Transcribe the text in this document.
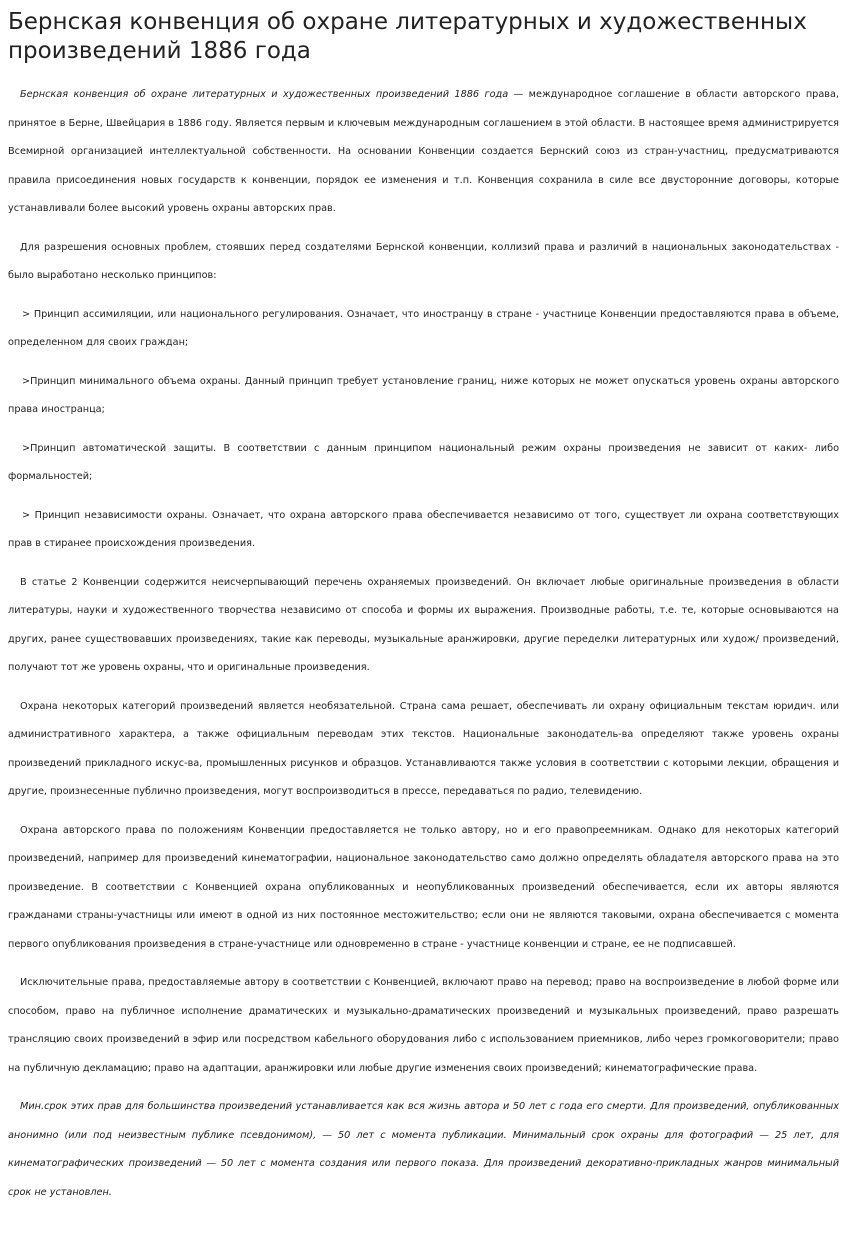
Бернская конвенция об охране литературных и художественных произведений 1886 года

Бернская конвенция об охране литературных и художественных произведений 1886 года — международное соглашение в области авторского права, принятое в Берне, Швейцария в 1886 году. Является первым и ключевым международным соглашением в этой области. В настоящее время администрируется Всемирной организацией интеллектуальной собственности. На основании Конвенции создается Бернский союз из стран-участниц, предусматриваются правила присоединения новых государств к конвенции, порядок ее изменения и т.п. Конвенция сохранила в силе все двусторонние договоры, которые устанавливали более высокий уровень охраны авторских прав.

Для разрешения основных проблем, стоявших перед создателями Бернской конвенции, коллизий права и различий в национальных законодательствах - было выработано несколько принципов:

> Принцип ассимиляции, или национального регулирования. Означает, что иностранцу в стране - участнице Конвенции предоставляются права в объеме, определенном для своих граждан;

>Принцип минимального объема охраны. Данный принцип требует установление границ, ниже которых не может опускаться уровень охраны авторского права иностранца;

>Принцип автоматической защиты. В соответствии с данным принципом национальный режим охраны произведения не зависит от каких- либо формальностей;

> Принцип независимости охраны. Означает, что охрана авторского права обеспечивается независимо от того, существует ли охрана соответствующих прав в стиранее происхождения произведения.

В статье 2 Конвенции содержится неисчерпывающий перечень охраняемых произведений. Он включает любые оригинальные произведения в области литературы, науки и художественного творчества независимо от способа и формы их выражения. Производные работы, т.е. те, которые основываются на других, ранее существовавших произведениях, такие как переводы, музыкальные аранжировки, другие переделки литературных или худож/ произведений, получают тот же уровень охраны, что и оригинальные произведения.

Охрана некоторых категорий произведений является необязательной. Страна сама решает, обеспечивать ли охрану официальным текстам юридич. или административного характера, а также официальным переводам этих текстов. Национальные законодатель-ва определяют также уровень охраны произведений прикладного искус-ва, промышленных рисунков и образцов. Устанавливаются также условия в соответствии с которыми лекции, обращения и другие, произнесенные публично произведения, могут воспроизводиться в прессе, передаваться по радио, телевидению.

Охрана авторского права по положениям Конвенции предоставляется не только автору, но и его правопреемникам. Однако для некоторых категорий произведений, например для произведений кинематографии, национальное законодательство само должно определять обладателя авторского права на это произведение. В соответствии с Конвенцией охрана опубликованных и неопубликованных произведений обеспечивается, если их авторы являются гражданами страны-участницы или имеют в одной из них постоянное местожительство; если они не являются таковыми, охрана обеспечивается с момента первого опубликования произведения в стране-участнице или одновременно в стране - участнице конвенции и стране, ее не подписавшей.

Исключительные права, предоставляемые автору в соответствии с Конвенцией, включают право на перевод; право на воспроизведение в любой форме или способом, право на публичное исполнение драматических и музыкально-драматических произведений и музыкальных произведений, право разрешать трансляцию своих произведений в эфир или посредством кабельного оборудования либо с использованием приемников, либо через громкоговорители; право на публичную декламацию; право на адаптации, аранжировки или любые другие изменения своих произведений; кинематографические права.

Мин.срок этих прав для большинства произведений устанавливается как вся жизнь автора и 50 лет с года его смерти. Для произведений, опубликованных анонимно (или под неизвестным публике псевдонимом), — 50 лет с момента публикации. Минимальный срок охраны для фотографий — 25 лет, для кинематографических произведений — 50 лет с момента создания или первого показа. Для произведений декоративно-прикладных жанров минимальный срок не установлен.
